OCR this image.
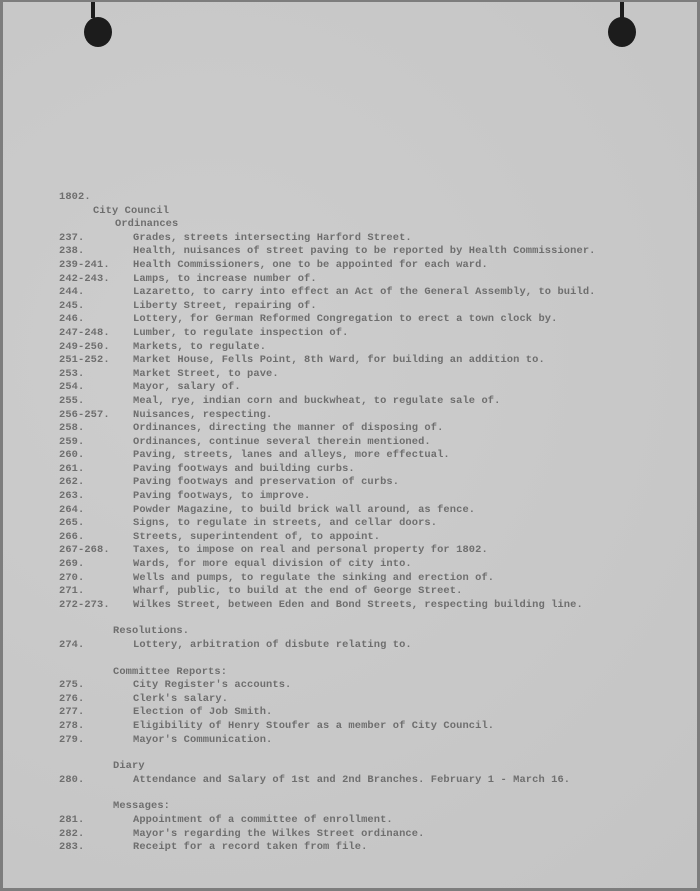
1802.
City Council
Ordinances
237.	Grades, streets intersecting Harford Street.
238.	Health, nuisances of street paving to be reported by Health Commissioner.
239-241.	Health Commissioners, one to be appointed for each ward.
242-243.	Lamps, to increase number of.
244.	Lazaretto, to carry into effect an Act of the General Assembly, to build.
245.	Liberty Street, repairing of.
246.	Lottery, for German Reformed Congregation to erect a town clock by.
247-248.	Lumber, to regulate inspection of.
249-250.	Markets, to regulate.
251-252.	Market House, Fells Point, 8th Ward, for building an addition to.
253.	Market Street, to pave.
254.	Mayor, salary of.
255.	Meal, rye, indian corn and buckwheat, to regulate sale of.
256-257.	Nuisances, respecting.
258.	Ordinances, directing the manner of disposing of.
259.	Ordinances, continue several therein mentioned.
260.	Paving, streets, lanes and alleys, more effectual.
261.	Paving footways and building curbs.
262.	Paving footways and preservation of curbs.
263.	Paving footways, to improve.
264.	Powder Magazine, to build brick wall around, as fence.
265.	Signs, to regulate in streets, and cellar doors.
266.	Streets, superintendent of, to appoint.
267-268.	Taxes, to impose on real and personal property for 1802.
269.	Wards, for more equal division of city into.
270.	Wells and pumps, to regulate the sinking and erection of.
271.	Wharf, public, to build at the end of George Street.
272-273.	Wilkes Street, between Eden and Bond Streets, respecting building line.
Resolutions.
274.	Lottery, arbitration of disbute relating to.
Committee Reports:
275.	City Register's accounts.
276.	Clerk's salary.
277.	Election of Job Smith.
278.	Eligibility of Henry Stoufer as a member of City Council.
279.	Mayor's Communication.
Diary
280.	Attendance and Salary of 1st and 2nd Branches. February 1 - March 16.
Messages:
281.	Appointment of a committee of enrollment.
282.	Mayor's regarding the Wilkes Street ordinance.
283.	Receipt for a record taken from file.
